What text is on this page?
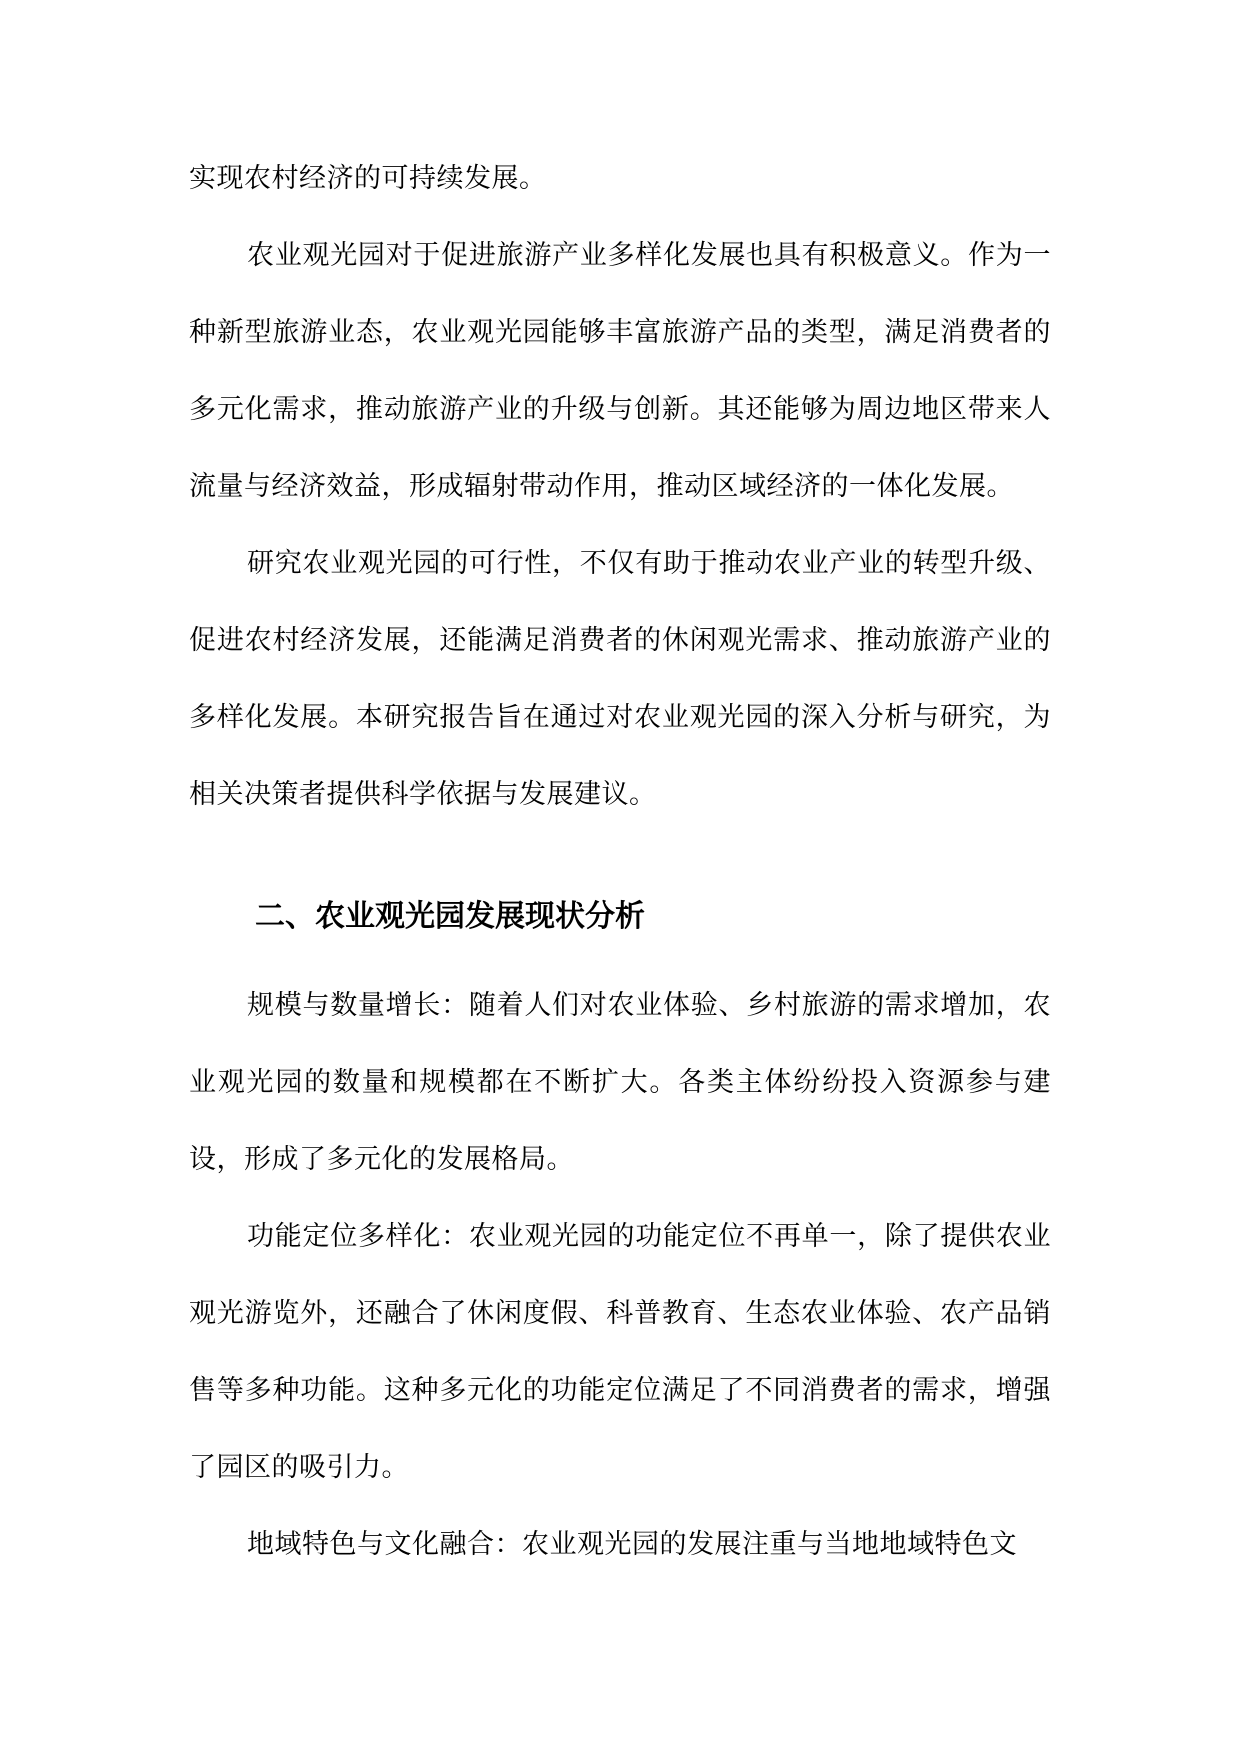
实现农村经济的可持续发展。

农业观光园对于促进旅游产业多样化发展也具有积极意义。作为一种新型旅游业态，农业观光园能够丰富旅游产品的类型，满足消费者的多元化需求，推动旅游产业的升级与创新。其还能够为周边地区带来人流量与经济效益，形成辐射带动作用，推动区域经济的一体化发展。

研究农业观光园的可行性，不仅有助于推动农业产业的转型升级、促进农村经济发展，还能满足消费者的休闲观光需求、推动旅游产业的多样化发展。本研究报告旨在通过对农业观光园的深入分析与研究，为相关决策者提供科学依据与发展建议。

二、农业观光园发展现状分析

规模与数量增长：随着人们对农业体验、乡村旅游的需求增加，农业观光园的数量和规模都在不断扩大。各类主体纷纷投入资源参与建设，形成了多元化的发展格局。

功能定位多样化：农业观光园的功能定位不再单一，除了提供农业观光游览外，还融合了休闲度假、科普教育、生态农业体验、农产品销售等多种功能。这种多元化的功能定位满足了不同消费者的需求，增强了园区的吸引力。

地域特色与文化融合：农业观光园的发展注重与当地地域特色文
